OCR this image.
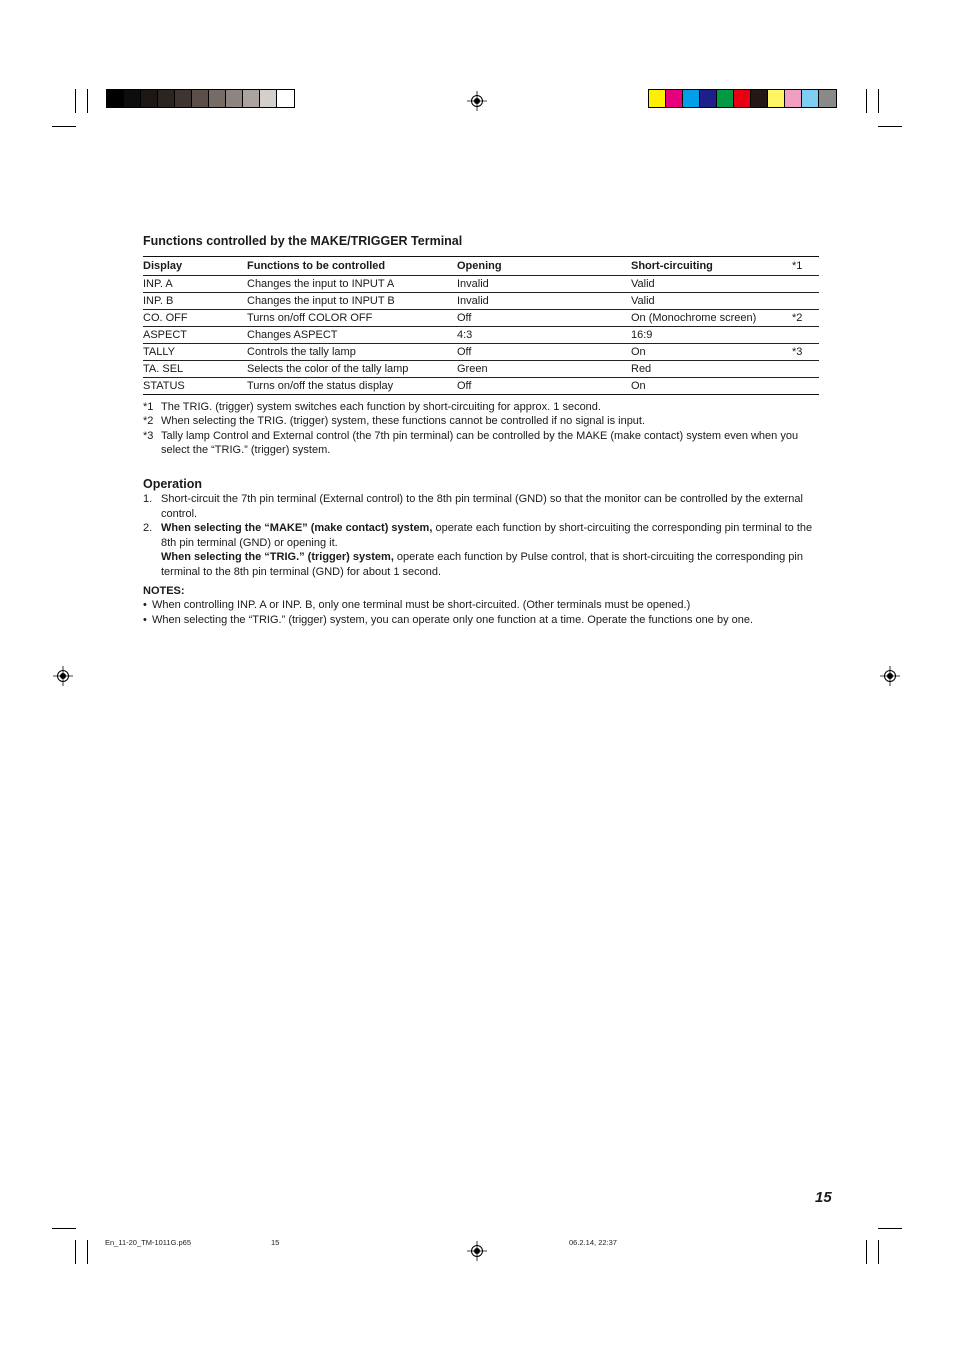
Functions controlled by the MAKE/TRIGGER Terminal
Display	Functions to be controlled	Opening	Short-circuiting	*1
INP. A	Changes the input to INPUT A	Invalid	Valid	
INP. B	Changes the input to INPUT B	Invalid	Valid	
CO. OFF	Turns on/off COLOR OFF	Off	On (Monochrome screen)	*2
ASPECT	Changes ASPECT	4:3	16:9	
TALLY	Controls the tally lamp	Off	On	*3
TA. SEL	Selects the color of the tally lamp	Green	Red	
STATUS	Turns on/off the status display	Off	On	
*1 The TRIG. (trigger) system switches each function by short-circuiting for approx. 1 second.
*2 When selecting the TRIG. (trigger) system, these functions cannot be controlled if no signal is input.
*3 Tally lamp Control and External control (the 7th pin terminal) can be controlled by the MAKE (make contact) system even when you select the “TRIG.” (trigger) system.
Operation
1. Short-circuit the 7th pin terminal (External control) to the 8th pin terminal (GND) so that the monitor can be controlled by the external control.
2. When selecting the “MAKE” (make contact) system, operate each function by short-circuiting the corresponding pin terminal to the 8th pin terminal (GND) or opening it.
When selecting the “TRIG.” (trigger) system, operate each function by Pulse control, that is short-circuiting the corresponding pin terminal to the 8th pin terminal (GND) for about 1 second.
NOTES:
• When controlling INP. A or INP. B, only one terminal must be short-circuited. (Other terminals must be opened.)
• When selecting the “TRIG.” (trigger) system, you can operate only one function at a time. Operate the functions one by one.
15
En_11-20_TM-1011G.p65	15	06.2.14, 22:37
